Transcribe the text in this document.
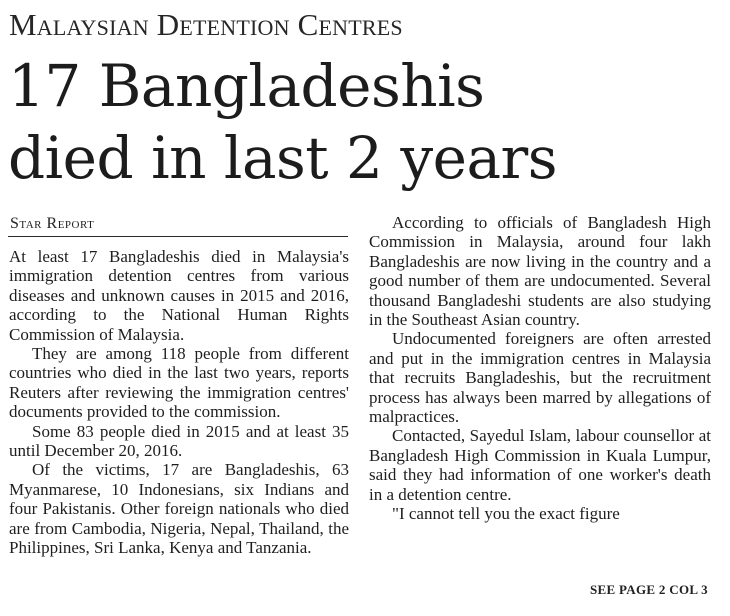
Malaysian Detention Centres
17 Bangladeshis
died in last 2 years
Star Report

At least 17 Bangladeshis died in Malaysia's immigration detention centres from various diseases and unknown causes in 2015 and 2016, according to the National Human Rights Commission of Malaysia.

They are among 118 people from different countries who died in the last two years, reports Reuters after reviewing the immigration centres' documents provided to the commission.

Some 83 people died in 2015 and at least 35 until December 20, 2016.

Of the victims, 17 are Bangladeshis, 63 Myanmarese, 10 Indonesians, six Indians and four Pakistanis. Other foreign nationals who died are from Cambodia, Nigeria, Nepal, Thailand, the Philippines, Sri Lanka, Kenya and Tanzania.

According to officials of Bangladesh High Commission in Malaysia, around four lakh Bangladeshis are now living in the country and a good number of them are undocumented. Several thousand Bangladeshi students are also studying in the Southeast Asian country.

Undocumented foreigners are often arrested and put in the immigration centres in Malaysia that recruits Bangladeshis, but the recruitment process has always been marred by allegations of malpractices.

Contacted, Sayedul Islam, labour counsellor at Bangladesh High Commission in Kuala Lumpur, said they had information of one worker's death in a detention centre.

"I cannot tell you the exact figure

SEE PAGE 2 COL 3
